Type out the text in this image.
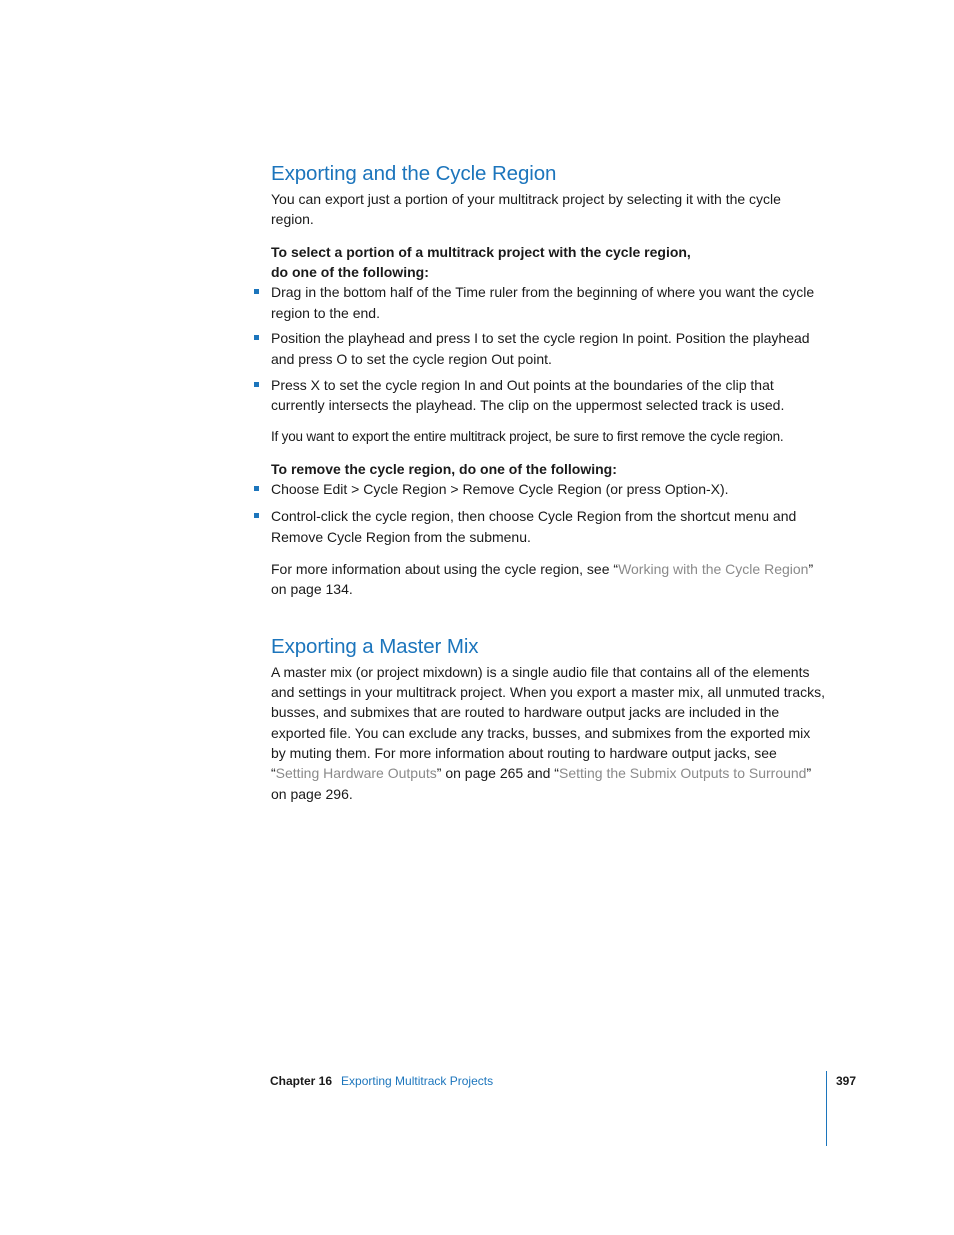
Exporting and the Cycle Region

You can export just a portion of your multitrack project by selecting it with the cycle region.

To select a portion of a multitrack project with the cycle region,
do one of the following:
Drag in the bottom half of the Time ruler from the beginning of where you want the cycle region to the end.
Position the playhead and press I to set the cycle region In point. Position the playhead and press O to set the cycle region Out point.
Press X to set the cycle region In and Out points at the boundaries of the clip that currently intersects the playhead. The clip on the uppermost selected track is used.

If you want to export the entire multitrack project, be sure to first remove the cycle region.

To remove the cycle region, do one of the following:
Choose Edit > Cycle Region > Remove Cycle Region (or press Option-X).
Control-click the cycle region, then choose Cycle Region from the shortcut menu and Remove Cycle Region from the submenu.

For more information about using the cycle region, see “Working with the Cycle Region” on page 134.

Exporting a Master Mix

A master mix (or project mixdown) is a single audio file that contains all of the elements and settings in your multitrack project. When you export a master mix, all unmuted tracks, busses, and submixes that are routed to hardware output jacks are included in the exported file. You can exclude any tracks, busses, and submixes from the exported mix by muting them. For more information about routing to hardware output jacks, see “Setting Hardware Outputs” on page 265 and “Setting the Submix Outputs to Surround” on page 296.

Chapter 16 Exporting Multitrack Projects	397
